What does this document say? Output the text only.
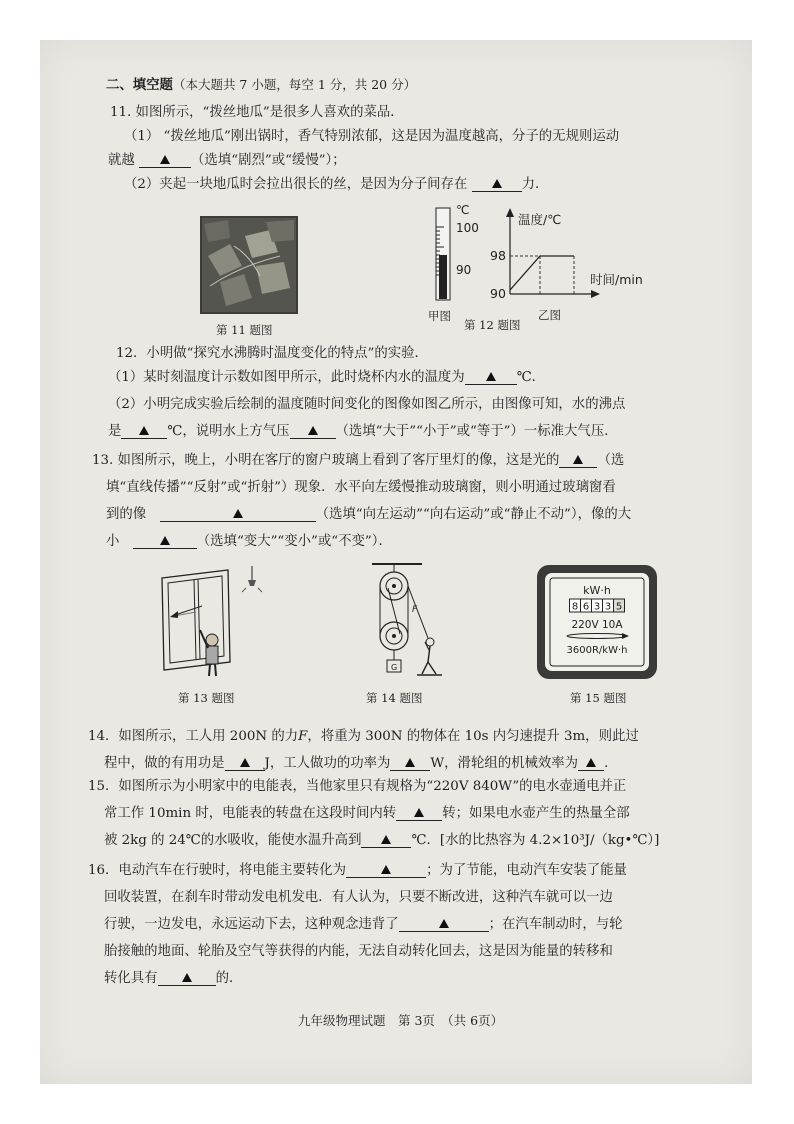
二、填空题（本大题共 7 小题，每空 1 分，共 20 分）
11. 如图所示，“拨丝地瓜”是很多人喜欢的菜品．
（1） “拨丝地瓜”刚出锅时，香气特别浓郁，这是因为温度越高，分子的无规则运动
就越	（选填“剧烈”或“缓慢”）；
（2）夹起一块地瓜时会拉出很长的丝，是因为分子间存在	力．
第 11 题图
℃
100
90
甲图
温度/℃
时间/min
98
90
第 12 题图
乙图
12．小明做“探究水沸腾时温度变化的特点”的实验．
（1）某时刻温度计示数如图甲所示，此时烧杯内水的温度为	℃．
（2）小明完成实验后绘制的温度随时间变化的图像如图乙所示，由图像可知，水的沸点
是	℃，说明水上方气压	（选填“大于”“小于”或“等于”）一标准大气压．
13. 如图所示，晚上，小明在客厅的窗户玻璃上看到了客厅里灯的像，这是光的	（选
填“直线传播”“反射”或“折射”）现象．水平向左缓慢推动玻璃窗，则小明通过玻璃窗看
到的像　	（选填“向左运动”“向右运动”或“静止不动”），像的大
小　	（选填“变大”“变小”或“不变”）．
第 13 题图
G
F
第 14 题图
kW·h
8 6 3 3 5
220V 10A
3600R/kW·h
第 15 题图
14．如图所示，工人用 200N 的力F，将重为 300N 的物体在 10s 内匀速提升 3m，则此过
程中，做的有用功是	J，工人做功的功率为	W，滑轮组的机械效率为 ．
15．如图所示为小明家中的电能表，当他家里只有规格为“220V 840W”的电水壶通电并正
常工作 10min 时，电能表的转盘在这段时间内转	转；如果电水壶产生的热量全部
被 2kg 的 24℃的水吸收，能使水温升高到	℃．[水的比热容为 4.2×10³J/（kg•℃）]
16．电动汽车在行驶时，将电能主要转化为	；为了节能，电动汽车安装了能量
回收装置，在刹车时带动发电机发电．有人认为，只要不断改进，这种汽车就可以一边
行驶，一边发电，永远运动下去，这种观念违背了	；在汽车制动时，与轮
胎接触的地面、轮胎及空气等获得的内能，无法自动转化回去，这是因为能量的转移和
转化具有	的．
九年级物理试题　第 3页　（共 6页）
